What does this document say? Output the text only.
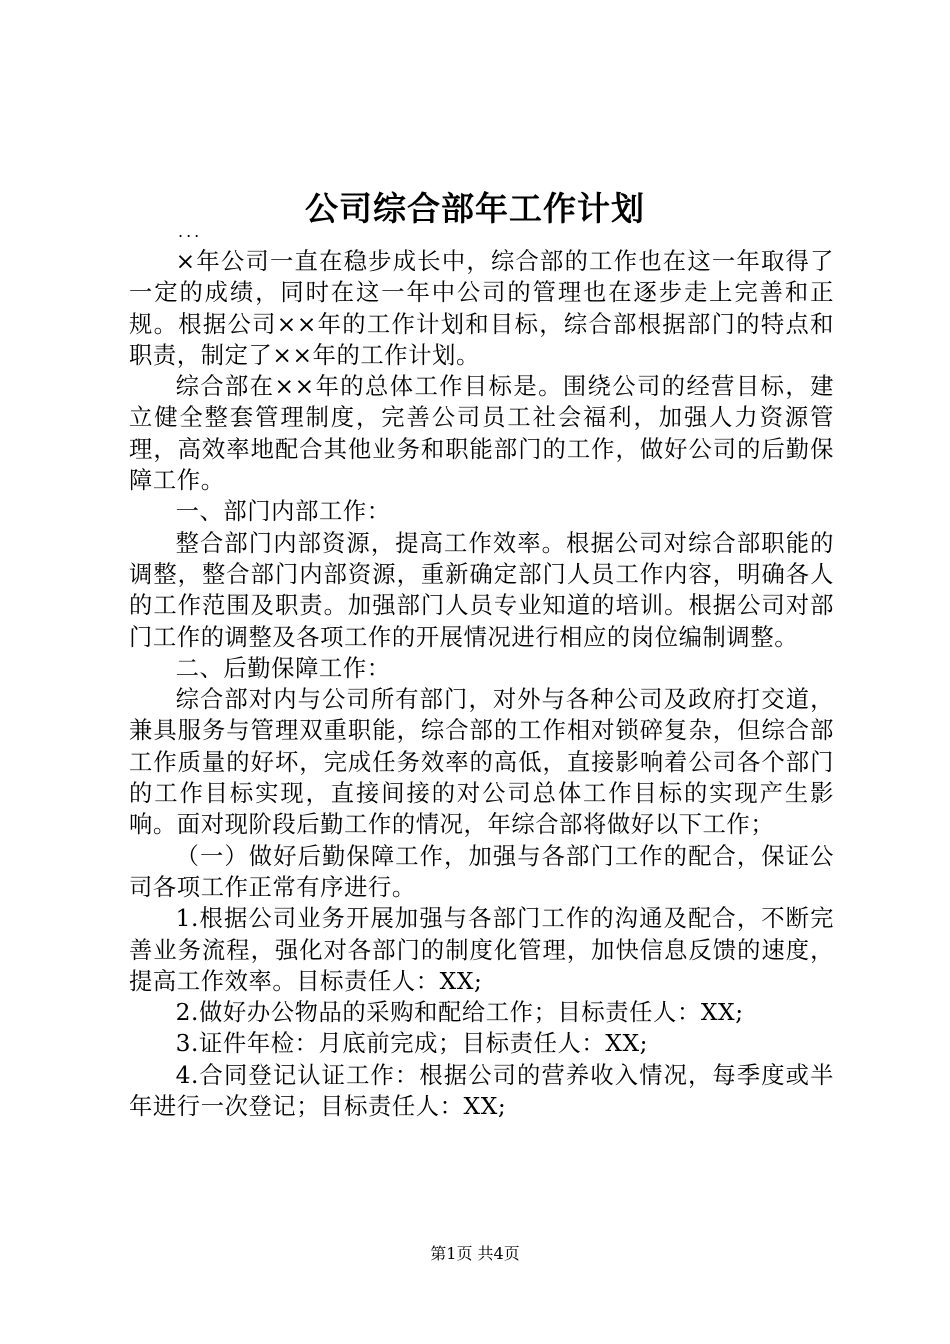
公司综合部年工作计划
...

×年公司一直在稳步成长中，综合部的工作也在这一年取得了一定的成绩，同时在这一年中公司的管理也在逐步走上完善和正规。根据公司××年的工作计划和目标，综合部根据部门的特点和职责，制定了××年的工作计划。

综合部在××年的总体工作目标是。围绕公司的经营目标，建立健全整套管理制度，完善公司员工社会福利，加强人力资源管理，高效率地配合其他业务和职能部门的工作，做好公司的后勤保障工作。

一、部门内部工作：

整合部门内部资源，提高工作效率。根据公司对综合部职能的调整，整合部门内部资源，重新确定部门人员工作内容，明确各人的工作范围及职责。加强部门人员专业知道的培训。根据公司对部门工作的调整及各项工作的开展情况进行相应的岗位编制调整。

二、后勤保障工作：

综合部对内与公司所有部门，对外与各种公司及政府打交道，兼具服务与管理双重职能，综合部的工作相对锁碎复杂，但综合部工作质量的好坏，完成任务效率的高低，直接影响着公司各个部门的工作目标实现，直接间接的对公司总体工作目标的实现产生影响。面对现阶段后勤工作的情况，年综合部将做好以下工作；

（一）做好后勤保障工作，加强与各部门工作的配合，保证公司各项工作正常有序进行。

1.根据公司业务开展加强与各部门工作的沟通及配合，不断完善业务流程，强化对各部门的制度化管理，加快信息反馈的速度，提高工作效率。目标责任人：XX;

2.做好办公物品的采购和配给工作；目标责任人：XX;

3.证件年检：月底前完成；目标责任人：XX;

4.合同登记认证工作：根据公司的营养收入情况，每季度或半年进行一次登记；目标责任人：XX;

第1页 共4页
